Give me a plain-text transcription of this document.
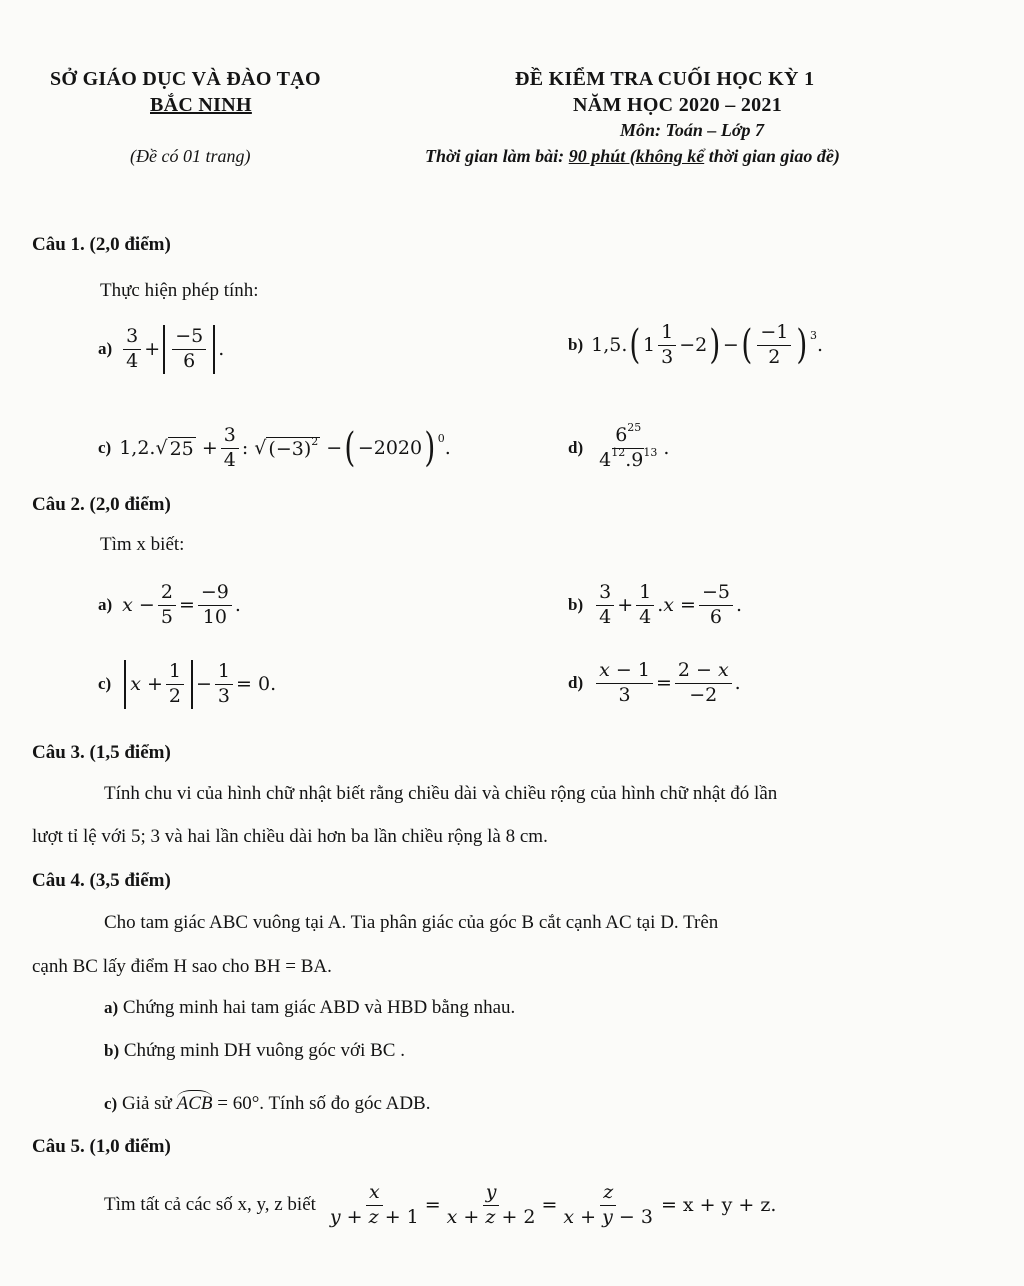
SỞ GIÁO DỤC VÀ ĐÀO TẠO
BẮC NINH
(Đề có 01 trang)
ĐỀ KIỂM TRA CUỐI HỌC KỲ 1
NĂM HỌC 2020 – 2021
Môn: Toán – Lớp 7
Thời gian làm bài: 90 phút (không kể thời gian giao đề)
Câu 1. (2,0 điểm)
Thực hiện phép tính:
$a) \frac{3}{4} + \frac{-5}{6}$ .	b) 1,5. ( $1 \frac{1}{3} -2$ ) − ( $\frac{-1}{2}$ ) 3 .
c) 1,2.√ $25 + \frac{3}{4}$ : √ $(-3)^2$ − ( −2020 ) 0 .	$d) \frac{6^{25}}{4^{12}.9^{13}}$ .
Câu 2. (2,0 điểm)
Tìm x biết:
a) $x - \frac{2}{5} = \frac{-9}{10}$ .	$b) \frac{3}{4} + \frac{1}{4}$ . $x = \frac{-5}{6}$ .
c) $x + \frac{1}{2} - \frac{1}{3} = 0$.	$d) \frac{x - 1}{3} = \frac{2 - x}{-2}$ .
Câu 3. (1,5 điểm)
Tính chu vi của hình chữ nhật biết rằng chiều dài và chiều rộng của hình chữ nhật đó lần
lượt tỉ lệ với 5; 3 và hai lần chiều dài hơn ba lần chiều rộng là 8 cm.
Câu 4. (3,5 điểm)
Cho tam giác ABC vuông tại A. Tia phân giác của góc B cắt cạnh AC tại D. Trên
cạnh BC lấy điểm H sao cho BH = BA.
a) Chứng minh hai tam giác ABD và HBD bằng nhau.
b) Chứng minh DH vuông góc với BC .
c) Giả sử ACB = 60°. Tính số đo góc ADB.
Câu 5. (1,0 điểm)
Tìm tất cả các số x, y, z biết $\frac{x}{y + z + 1} = \frac{y}{x + z + 2} = \frac{z}{x + y - 3} = x + y + z$.
